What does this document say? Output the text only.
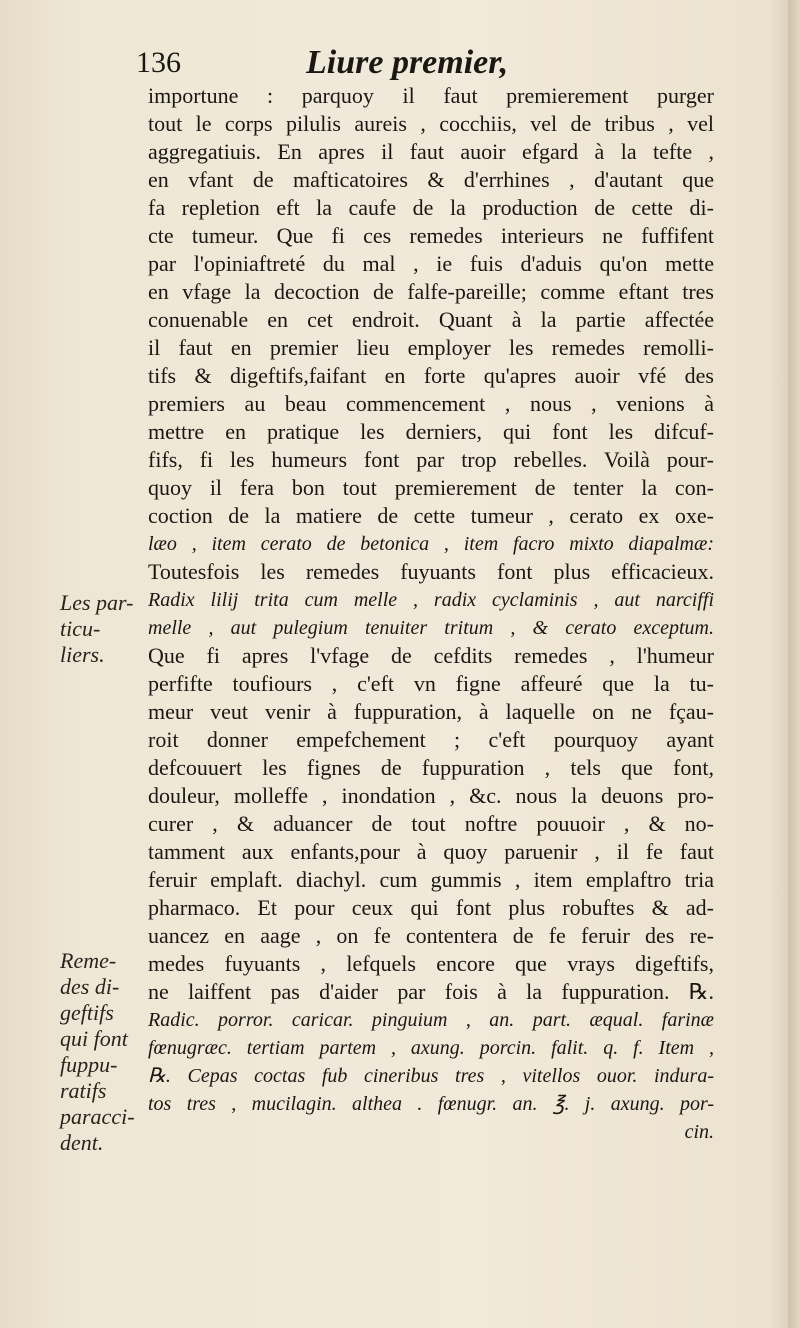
136	Liure premier,
importune : parquoy il faut premierement purger
tout le corps pilulis aureis , cocchiis, vel de tribus , vel
aggregatiuis. En apres il faut auoir efgard à la tefte ,
en vfant de mafticatoires & d'errhines , d'autant que
fa repletion eft la caufe de la production de cette di-
cte tumeur. Que fi ces remedes interieurs ne fuffifent
par l'opiniaftreté du mal , ie fuis d'aduis qu'on mette
en vfage la decoction de falfe-pareille; comme eftant tres
conuenable en cet endroit. Quant à la partie affectée
il faut en premier lieu employer les remedes remolli-
tifs & digeftifs,faifant en forte qu'apres auoir vfé des
premiers au beau commencement , nous , venions à
mettre en pratique les derniers, qui font les difcuf-
fifs, fi les humeurs font par trop rebelles. Voilà pour-
quoy il fera bon tout premierement de tenter la con-
coction de la matiere de cette tumeur , cerato ex oxe-
læo , item cerato de betonica , item facro mixto diapalmæ:
Toutesfois les remedes fuyuants font plus efficacieux.
Radix lilij trita cum melle , radix cyclaminis , aut narciffi
melle , aut pulegium tenuiter tritum , & cerato exceptum.
Que fi apres l'vfage de cefdits remedes , l'humeur
perfifte toufiours , c'eft vn figne affeuré que la tu-
meur veut venir à fuppuration, à laquelle on ne fçau-
roit donner empefchement ; c'eft pourquoy ayant
defcouuert les fignes de fuppuration , tels que font,
douleur, molleffe , inondation , &c. nous la deuons pro-
curer , & aduancer de tout noftre pouuoir , & no-
tamment aux enfants,pour à quoy paruenir , il fe faut
feruir emplaft. diachyl. cum gummis , item emplaftro tria
pharmaco. Et pour ceux qui font plus robuftes & ad-
uancez en aage , on fe contentera de fe feruir des re-
medes fuyuants , lefquels encore que vrays digeftifs,
ne laiffent pas d'aider par fois à la fuppuration. ℞.
Radic. porror. caricar. pinguium , an. part. æqual. farinæ
fœnugræc. tertiam partem , axung. porcin. falit. q. f. Item ,
℞. Cepas coctas fub cineribus tres , vitellos ouor. indura-
tos tres , mucilagin. althea . fœnugr. an. ℥. j. axung. por-
cin.
Les par-
ticu-
liers.
Reme-
des di-
geftifs
qui font
fuppu-
ratifs
paracci-
dent.
